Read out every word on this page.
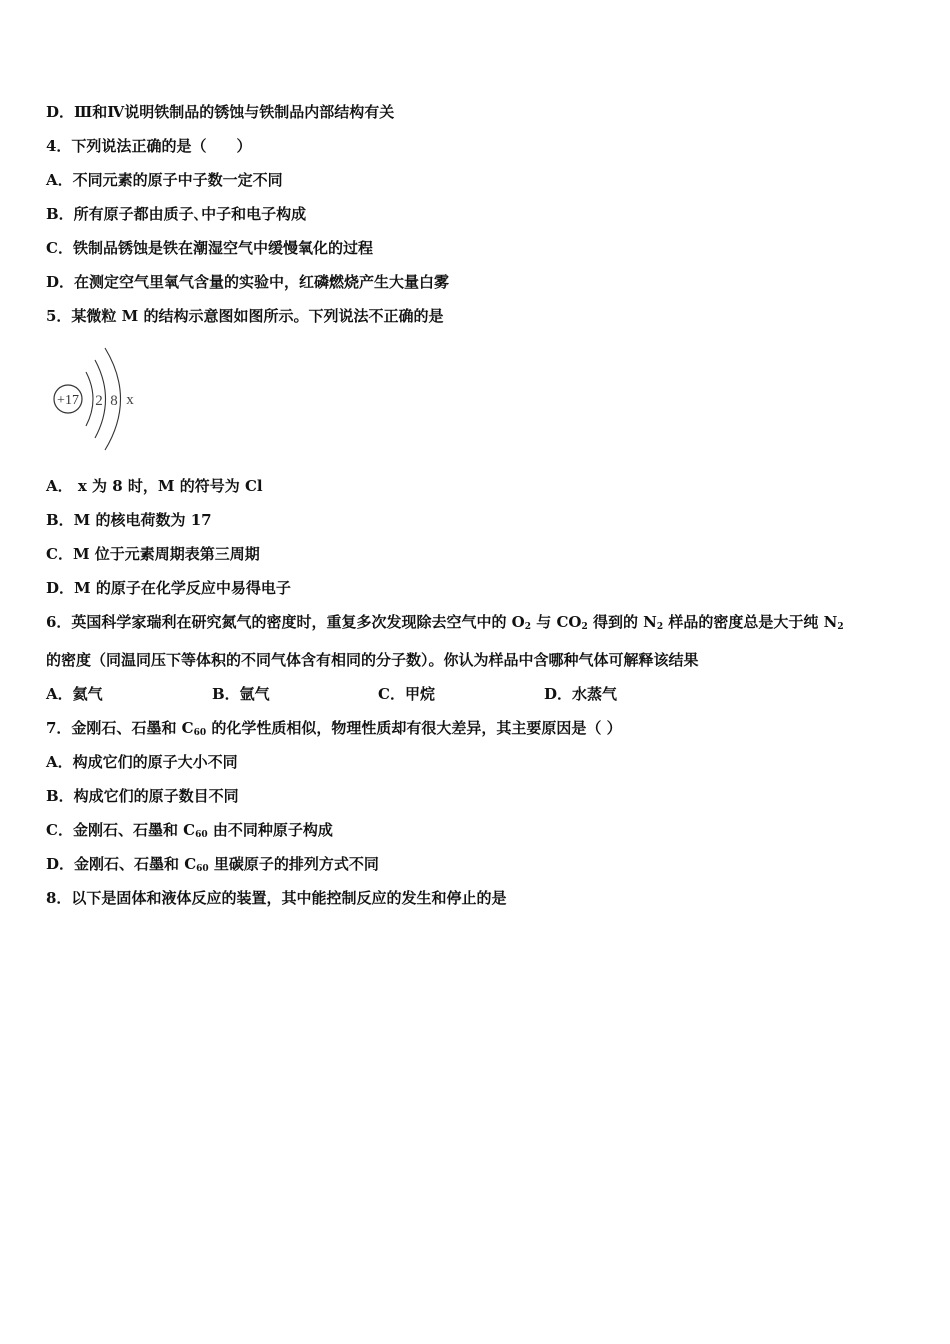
D．Ⅲ和Ⅳ说明铁制品的锈蚀与铁制品内部结构有关
4．下列说法正确的是（　　）
A．不同元素的原子中子数一定不同
B．所有原子都由质子､中子和电子构成
C．铁制品锈蚀是铁在潮湿空气中缓慢氧化的过程
D．在测定空气里氧气含量的实验中，红磷燃烧产生大量白雾
5．某微粒 M 的结构示意图如图所示。下列说法不正确的是
+17 2 8 x
A． x 为 8 时，M 的符号为 Cl
B．M 的核电荷数为 17
C．M 位于元素周期表第三周期
D．M 的原子在化学反应中易得电子
6．英国科学家瑞利在研究氮气的密度时，重复多次发现除去空气中的 $O_2$ 与 $CO_2$ 得到的 $N_2$ 样品的密度总是大于纯 $N_2$
的密度（同温同压下等体积的不同气体含有相同的分子数）。你认为样品中含哪种气体可解释该结果
A．氦气	B．氩气	C．甲烷	D．水蒸气
7．金刚石、石墨和 $C_{60}$ 的化学性质相似，物理性质却有很大差异，其主要原因是（ ）
A．构成它们的原子大小不同
B．构成它们的原子数目不同
C．金刚石、石墨和 $C_{60}$ 由不同种原子构成
D．金刚石、石墨和 $C_{60}$ 里碳原子的排列方式不同
8．以下是固体和液体反应的装置，其中能控制反应的发生和停止的是
